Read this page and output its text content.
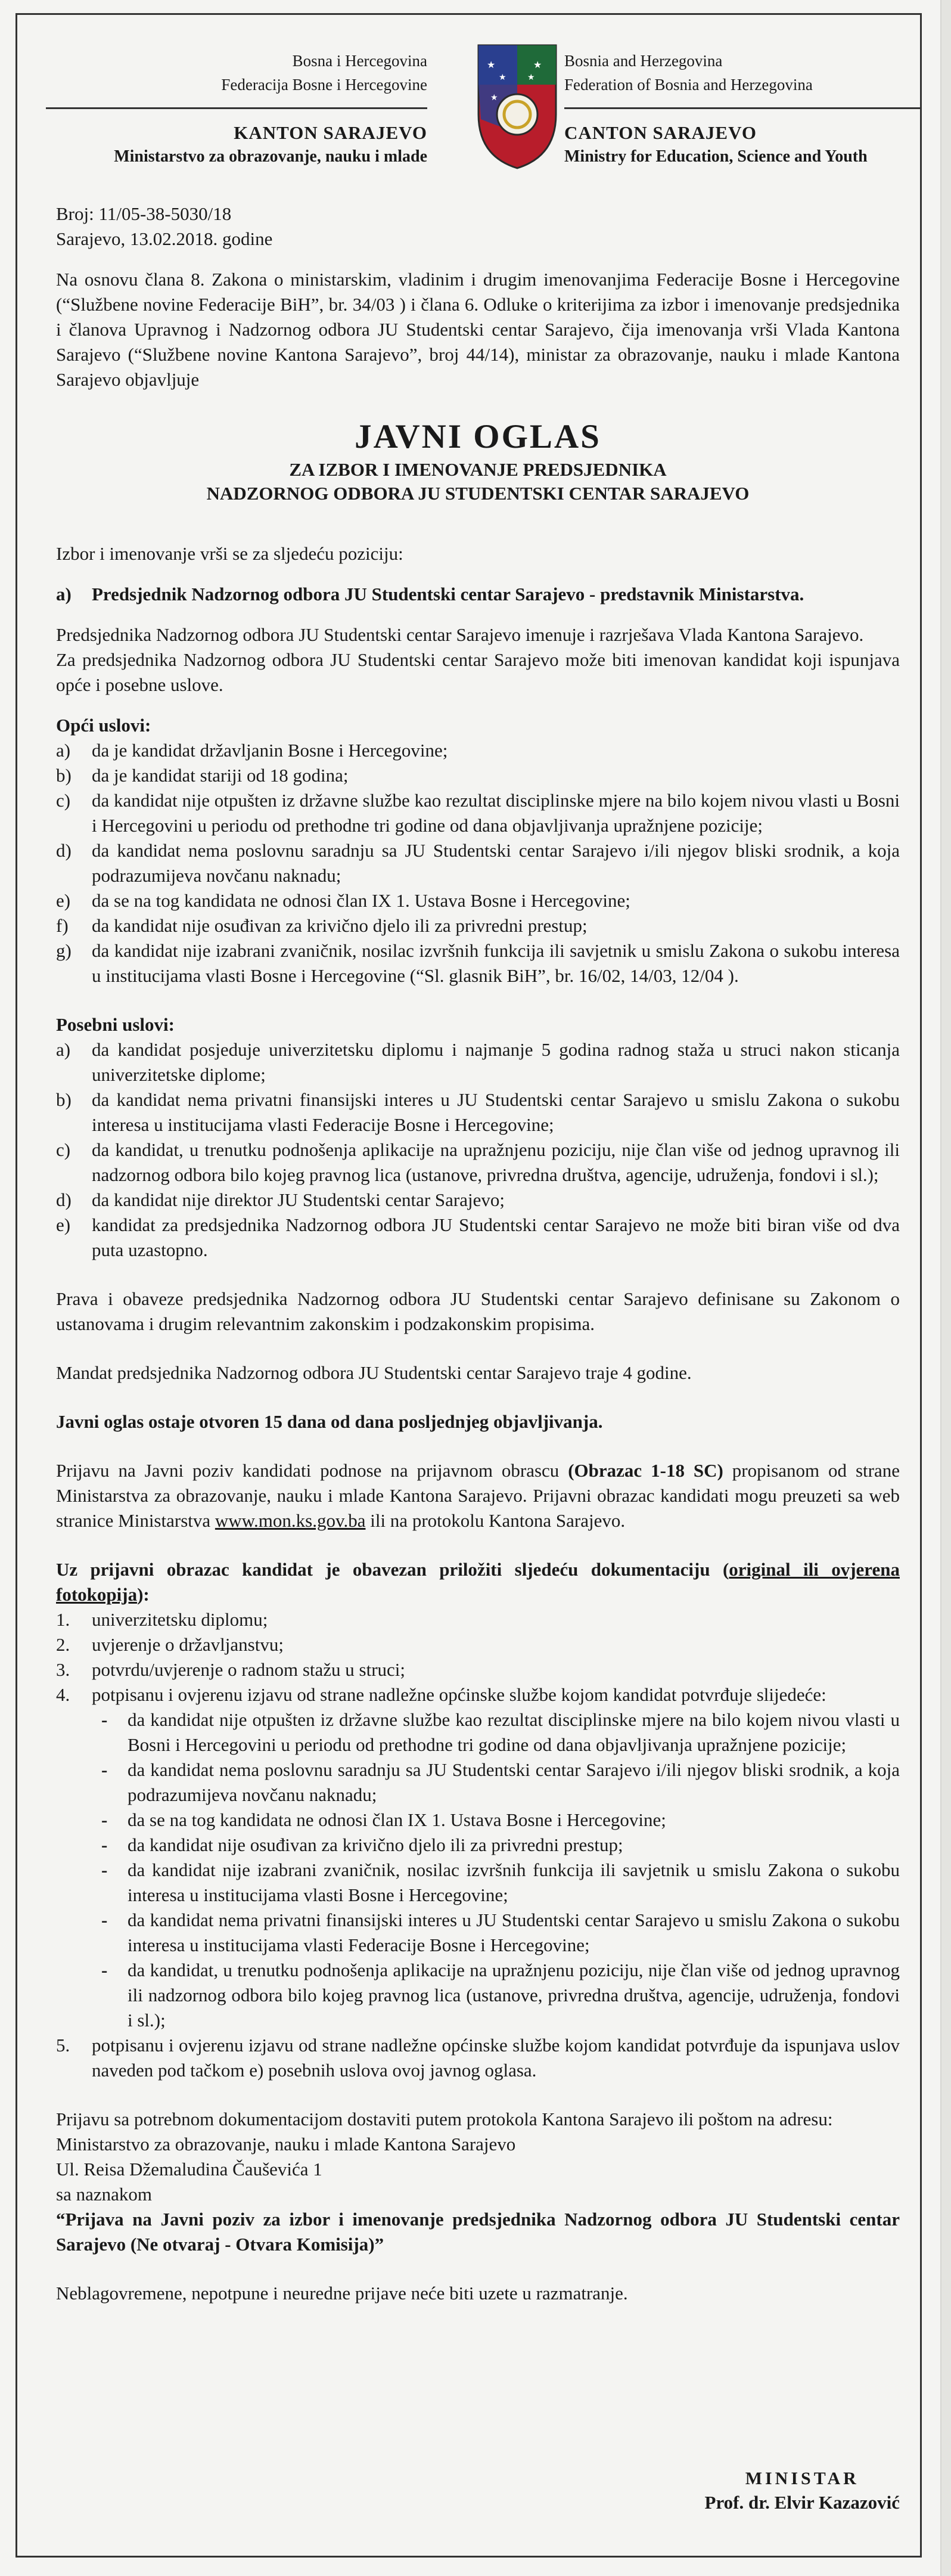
Bosna i Hercegovina
Federacija Bosne i Hercegovine
KANTON SARAJEVO
Ministarstvo za obrazovanje, nauku i mlade
★	★
★	★
★
Bosnia and Herzegovina
Federation of Bosnia and Herzegovina
CANTON SARAJEVO
Ministry for Education, Science and Youth

Broj: 11/05-38-5030/18

Sarajevo, 13.02.2018. godine

Na osnovu člana 8. Zakona o ministarskim, vladinim i drugim imenovanjima Federacije Bosne i Hercegovine (“Službene novine Federacije BiH”, br. 34/03 ) i člana 6. Odluke o kriterijima za izbor i imenovanje predsjednika i članova Upravnog i Nadzornog odbora JU Studentski centar Sarajevo, čija imenovanja vrši Vlada Kantona Sarajevo (“Službene novine Kantona Sarajevo”, broj 44/14), ministar za obrazovanje, nauku i mlade Kantona Sarajevo objavljuje

JAVNI OGLAS
ZA IZBOR I IMENOVANJE PREDSJEDNIKA
NADZORNOG ODBORA JU STUDENTSKI CENTAR SARAJEVO

Izbor i imenovanje vrši se za sljedeću poziciju:

a) Predsjednik Nadzornog odbora JU Studentski centar Sarajevo - predstavnik Ministarstva.

Predsjednika Nadzornog odbora JU Studentski centar Sarajevo imenuje i razrješava Vlada Kantona Sarajevo.

Za predsjednika Nadzornog odbora JU Studentski centar Sarajevo može biti imenovan kandidat koji ispunjava opće i posebne uslove.

Opći uslovi:
a) da je kandidat državljanin Bosne i Hercegovine;
b) da je kandidat stariji od 18 godina;
c) da kandidat nije otpušten iz državne službe kao rezultat disciplinske mjere na bilo kojem nivou vlasti u Bosni i Hercegovini u periodu od prethodne tri godine od dana objavljivanja upražnjene pozicije;
d) da kandidat nema poslovnu saradnju sa JU Studentski centar Sarajevo i/ili njegov bliski srodnik, a koja podrazumijeva novčanu naknadu;
e) da se na tog kandidata ne odnosi član IX 1. Ustava Bosne i Hercegovine;
f) da kandidat nije osuđivan za krivično djelo ili za privredni prestup;
g) da kandidat nije izabrani zvaničnik, nosilac izvršnih funkcija ili savjetnik u smislu Zakona o sukobu interesa u institucijama vlasti Bosne i Hercegovine (“Sl. glasnik BiH”, br. 16/02, 14/03, 12/04 ).
Posebni uslovi:
a) da kandidat posjeduje univerzitetsku diplomu i najmanje 5 godina radnog staža u struci nakon sticanja univerzitetske diplome;
b) da kandidat nema privatni finansijski interes u JU Studentski centar Sarajevo u smislu Zakona o sukobu interesa u institucijama vlasti Federacije Bosne i Hercegovine;
c) da kandidat, u trenutku podnošenja aplikacije na upražnjenu poziciju, nije član više od jednog upravnog ili nadzornog odbora bilo kojeg pravnog lica (ustanove, privredna društva, agencije, udruženja, fondovi i sl.);
d) da kandidat nije direktor JU Studentski centar Sarajevo;
e) kandidat za predsjednika Nadzornog odbora JU Studentski centar Sarajevo ne može biti biran više od dva puta uzastopno.

Prava i obaveze predsjednika Nadzornog odbora JU Studentski centar Sarajevo definisane su Zakonom o ustanovama i drugim relevantnim zakonskim i podzakonskim propisima.

Mandat predsjednika Nadzornog odbora JU Studentski centar Sarajevo traje 4 godine.

Javni oglas ostaje otvoren 15 dana od dana posljednjeg objavljivanja.

Prijavu na Javni poziv kandidati podnose na prijavnom obrascu (Obrazac 1-18 SC) propisanom od strane Ministarstva za obrazovanje, nauku i mlade Kantona Sarajevo. Prijavni obrazac kandidati mogu preuzeti sa web stranice Ministarstva www.mon.ks.gov.ba ili na protokolu Kantona Sarajevo.

Uz prijavni obrazac kandidat je obavezan priložiti sljedeću dokumentaciju (original ili ovjerena fotokopija):

1. univerzitetsku diplomu;
2. uvjerenje o državljanstvu;
3. potvrdu/uvjerenje o radnom stažu u struci;
4. potpisanu i ovjerenu izjavu od strane nadležne općinske službe kojom kandidat potvrđuje slijedeće:
- da kandidat nije otpušten iz državne službe kao rezultat disciplinske mjere na bilo kojem nivou vlasti u Bosni i Hercegovini u periodu od prethodne tri godine od dana objavljivanja upražnjene pozicije;
- da kandidat nema poslovnu saradnju sa JU Studentski centar Sarajevo i/ili njegov bliski srodnik, a koja podrazumijeva novčanu naknadu;
- da se na tog kandidata ne odnosi član IX 1. Ustava Bosne i Hercegovine;
- da kandidat nije osuđivan za krivično djelo ili za privredni prestup;
- da kandidat nije izabrani zvaničnik, nosilac izvršnih funkcija ili savjetnik u smislu Zakona o sukobu interesa u institucijama vlasti Bosne i Hercegovine;
- da kandidat nema privatni finansijski interes u JU Studentski centar Sarajevo u smislu Zakona o sukobu interesa u institucijama vlasti Federacije Bosne i Hercegovine;
- da kandidat, u trenutku podnošenja aplikacije na upražnjenu poziciju, nije član više od jednog upravnog ili nadzornog odbora bilo kojeg pravnog lica (ustanove, privredna društva, agencije, udruženja, fondovi i sl.);
5. potpisanu i ovjerenu izjavu od strane nadležne općinske službe kojom kandidat potvrđuje da ispunjava uslov naveden pod tačkom e) posebnih uslova ovoj javnog oglasa.

Prijavu sa potrebnom dokumentacijom dostaviti putem protokola Kantona Sarajevo ili poštom na adresu:

Ministarstvo za obrazovanje, nauku i mlade Kantona Sarajevo

Ul. Reisa Džemaludina Čauševića 1

sa naznakom

“Prijava na Javni poziv za izbor i imenovanje predsjednika Nadzornog odbora JU Studentski centar Sarajevo (Ne otvaraj - Otvara Komisija)”

Neblagovremene, nepotpune i neuredne prijave neće biti uzete u razmatranje.

MINISTAR
Prof. dr. Elvir Kazazović
